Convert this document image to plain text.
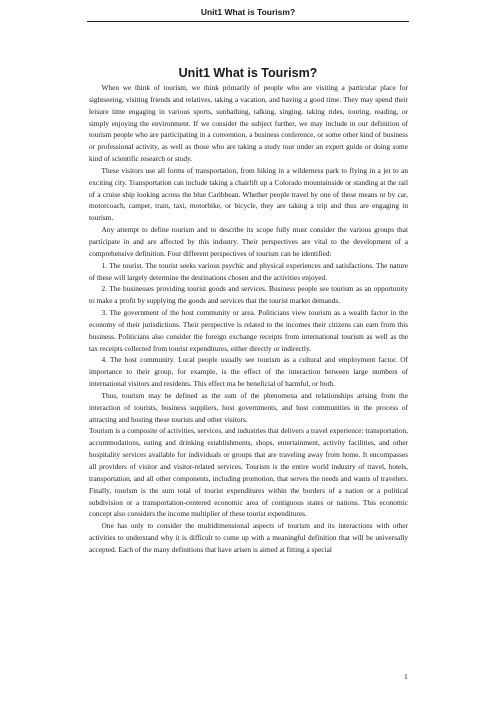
Unit1 What is Tourism?
Unit1 What is Tourism?

When we think of tourism, we think primarily of people who are visiting a particular place for sightseeing, visiting friends and relatives, taking a vacation, and having a good time. They may spend their leisure time engaging in various sports, sunbathing, talking, singing, taking rides, touring, reading, or simply enjoying the environment. If we consider the subject further, we may include in our definition of tourism people who are participating in a convention, a business conference, or some other kind of business or professional activity, as well as those who are taking a study tour under an expert guide or doing some kind of scientific research or study.

These visitors use all forms of transportation, from hiking in a wilderness park to flying in a jet to an exciting city. Transportation can include taking a chairlift up a Colorado mountainside or standing at the rail of a cruise ship looking across the blue Caribbean. Whether people travel by one of these means or by car, motorcoach, camper, train, taxi, motorbike, or bicycle, they are taking a trip and thus are engaging in tourism.

Any attempt to define tourism and to describe its scope fully must consider the various groups that participate in and are affected by this industry. Their perspectives are vital to the development of a comprehensive definition. Four different perspectives of tourism can be identified:

1. The tourist. The tourist seeks various psychic and physical experiences and satisfactions. The nature of these will largely determine the destinations chosen and the activities enjoyed.

2. The businesses providing tourist goods and services. Business people see tourism as an opportunity to make a profit by supplying the goods and services that the tourist market demands.

3. The government of the host community or area. Politicians view tourism as a wealth factor in the economy of their jurisdictions. Their perspective is related to the incomes their citizens can earn from this business. Politicians also consider the foreign exchange receipts from international tourism as well as the tax receipts collected from tourist expenditures, either directly or indirectly.

4. The host community. Local people usually see tourism as a cultural and employment factor. Of importance to their group, for example, is the effect of the interaction between large numbers of international visitors and residents. This effect ma be beneficial of harmful, or both.

Thus, tourism may be defined as the sum of the phenomena and relationships arising from the interaction of tourists, business suppliers, host governments, and host communities in the process of attracting and hosting these tourists and other visitors.

Tourism is a composite of activities, services, and industries that delivers a travel experience: transportation, accommodations, eating and drinking establishments, shops, entertainment, activity facilities, and other hospitality services available for individuals or groups that are traveling away from home. It encompasses all providers of visitor and visitor-related services. Tourism is the entire world industry of travel, hotels, transportation, and all other components, including promotion, that serves the needs and wants of travelers. Finally, tourism is the sum total of tourist expenditures within the borders of a nation or a political subdivision or a transportation-centered economic area of contiguous states or nations. This economic concept also considers the income multiplier of these tourist expenditures.

One has only to consider the multidimensional aspects of tourism and its interactions with other activities to understand why it is difficult to come up with a meaningful definition that will be universally accepted. Each of the many definitions that have arisen is aimed at fitting a special

1
